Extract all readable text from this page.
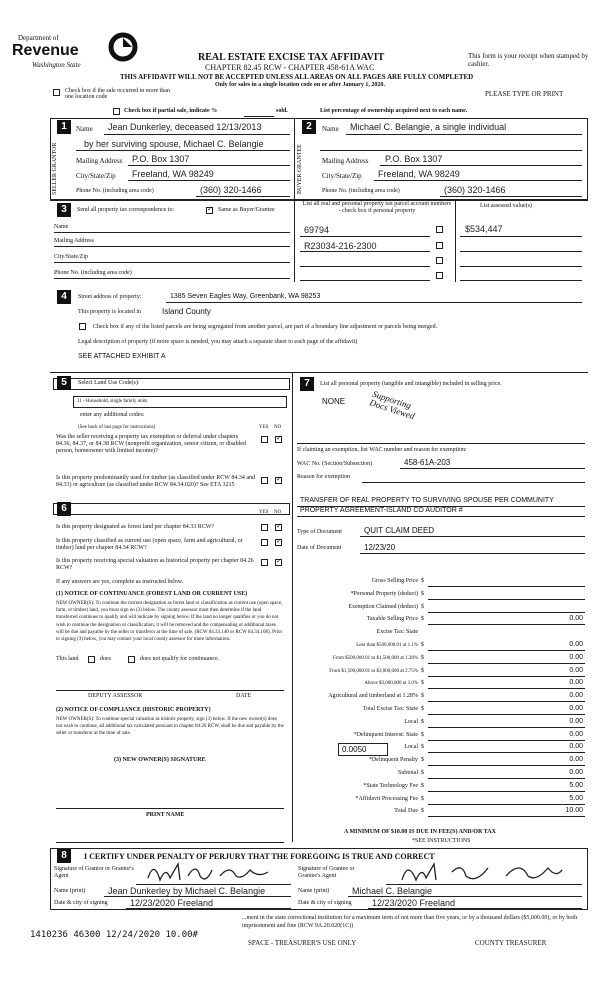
Department of
Revenue
Washington State
REAL ESTATE EXCISE TAX AFFIDAVIT
CHAPTER 82.45 RCW - CHAPTER 458-61A WAC
THIS AFFIDAVIT WILL NOT BE ACCEPTED UNLESS ALL AREAS ON ALL PAGES ARE FULLY COMPLETED
Only for sales in a single location code on or after January 1, 2020.
This form is your receipt when stamped by cashier.
PLEASE TYPE OR PRINT
Check box if the sale occurred in more than one location code
Check box if partial sale, indicate %	sold.	List percentage of ownership acquired next to each name.
1
SELLER GRANTOR
Name Jean Dunkerley, deceased 12/13/2013
by her surviving spouse, Michael C. Belangie
Mailing Address P.O. Box 1307
City/State/Zip Freeland, WA 98249
Phone No. (including area code)	(360) 320-1466
2
BUYER GRANTEE
Name Michael C. Belangie, a single individual
Mailing Address P.O. Box 1307
City/State/Zip Freeland, WA 98249
Phone No. (including area code)	(360) 320-1466
3	Send all property tax correspondence to:
✓	Same as Buyer/Grantee
List all real and personal property tax parcel account numbers - check box if personal property
List assessed value(s)
Name
Mailing Address
City/State/Zip
Phone No. (including area code)
69794
R23034-216-2300
$534,447
4	Street address of property:	1385 Seven Eagles Way, Greenbank, WA 98253
This property is located in	Island County
Check box if any of the listed parcels are being segregated from another parcel, are part of a boundary line adjustment or parcels being merged.
Legal description of property (if more space is needed, you may attach a separate sheet to each page of the affidavit)
SEE ATTACHED EXHIBIT A
5	Select Land Use Code(s):
11 - Household, single family units
enter any additional codes:
(See back of last page for instructions)	YES NO
Was the seller receiving a property tax exemption or deferral under chapters 84.36, 84.37, or 84.38 RCW (nonprofit organization, senior citizen, or disabled person, homeowner with limited income)?
✓
Is this property predominantly used for timber (as classified under RCW 84.34 and 84.33) or agriculture (as classified under RCW 84.34.020)? See ETA 3215
✓
6	YES NO
Is this property designated as forest land per chapter 84.33 RCW?
✓
Is this property classified as current use (open space, farm and agricultural, or timber) land per chapter 84.34 RCW?
✓
Is this property receiving special valuation as historical property per chapter 84.26 RCW?
✓
If any answers are yes, complete as instructed below.
(1) NOTICE OF CONTINUANCE (FOREST LAND OR CURRENT USE)
NEW OWNER(S): To continue the current designation as forest land or classification as current use (open space, farm, or timber) land, you must sign on (3) below. The county assessor must then determine if the land transferred continues to qualify and will indicate by signing below. If the land no longer qualifies or you do not wish to continue the designation or classification, it will be removed and the compensating or additional taxes will be due and payable by the seller or transferor at the time of sale. (RCW 84.33.140 or RCW 84.34.108). Prior to signing (3) below, you may contact your local county assessor for more information.
This land	does	does not qualify for continuance.
DEPUTY ASSESSOR	DATE
(2) NOTICE OF COMPLIANCE (HISTORIC PROPERTY)
NEW OWNER(S): To continue special valuation as historic property, sign (3) below. If the new owner(s) does not wish to continue, all additional tax calculated pursuant to chapter 84.26 RCW, shall be due and payable by the seller or transferor at the time of sale.
(3) NEW OWNER(S) SIGNATURE
PRINT NAME
7	List all personal property (tangible and intangible) included in selling price.
NONE	Supporting Docs Viewed
If claiming an exemption, list WAC number and reason for exemption:
WAC No. (Section/Subsection)	458-61A-203
Reason for exemption
TRANSFER OF REAL PROPERTY TO SURVIVING SPOUSE PER COMMUNITY PROPERTY AGREEMENT-ISLAND CO AUDITOR #
Type of Document	QUIT CLAIM DEED
Date of Document	12/23/20
Gross Selling Price $
*Personal Property (deduct) $
Exemption Claimed (deduct) $
Taxable Selling Price $	0.00
Excise Tax: State
Less than $500,000.01 at 1.1% $	0.00
From $500,000.01 to $1,500,000 at 1.28% $	0.00
From $1,500,000.01 to $3,000,000 at 2.75% $	0.00
Above $3,000,000 at 3.0% $	0.00
Agricultural and timberland at 1.28% $	0.00
Total Excise Tax: State $	0.00
Local $	0.00
*Delinquent Interest: State $	0.00
Local $	0.00
*Delinquent Penalty $	0.00
Subtotal $	0.00
*State Technology Fee $	5.00
*Affidavit Processing Fee $	5.00
Total Due $	10.00
0.0050
A MINIMUM OF $10.00 IS DUE IN FEE(S) AND/OR TAX
*SEE INSTRUCTIONS
8	I CERTIFY UNDER PENALTY OF PERJURY THAT THE FOREGOING IS TRUE AND CORRECT
Signature of Grantor or Grantor's Agent
Signature of Grantee or Grantee's Agent
Name (print)	Jean Dunkerley by Michael C. Belangie	Name (print)	Michael C. Belangie
Date & city of signing 12/23/2020 Freeland	Date & city of signing 12/23/2020 Freeland
...ment in the state correctional institution for a maximum term of not more than five years, or by a thousand dollars ($5,000.00), or by both imprisonment and fine (RCW 9A.20.020(1C))
1410236 46300 12/24/2020 10.00#
SPACE - TREASURER'S USE ONLY	COUNTY TREASURER
